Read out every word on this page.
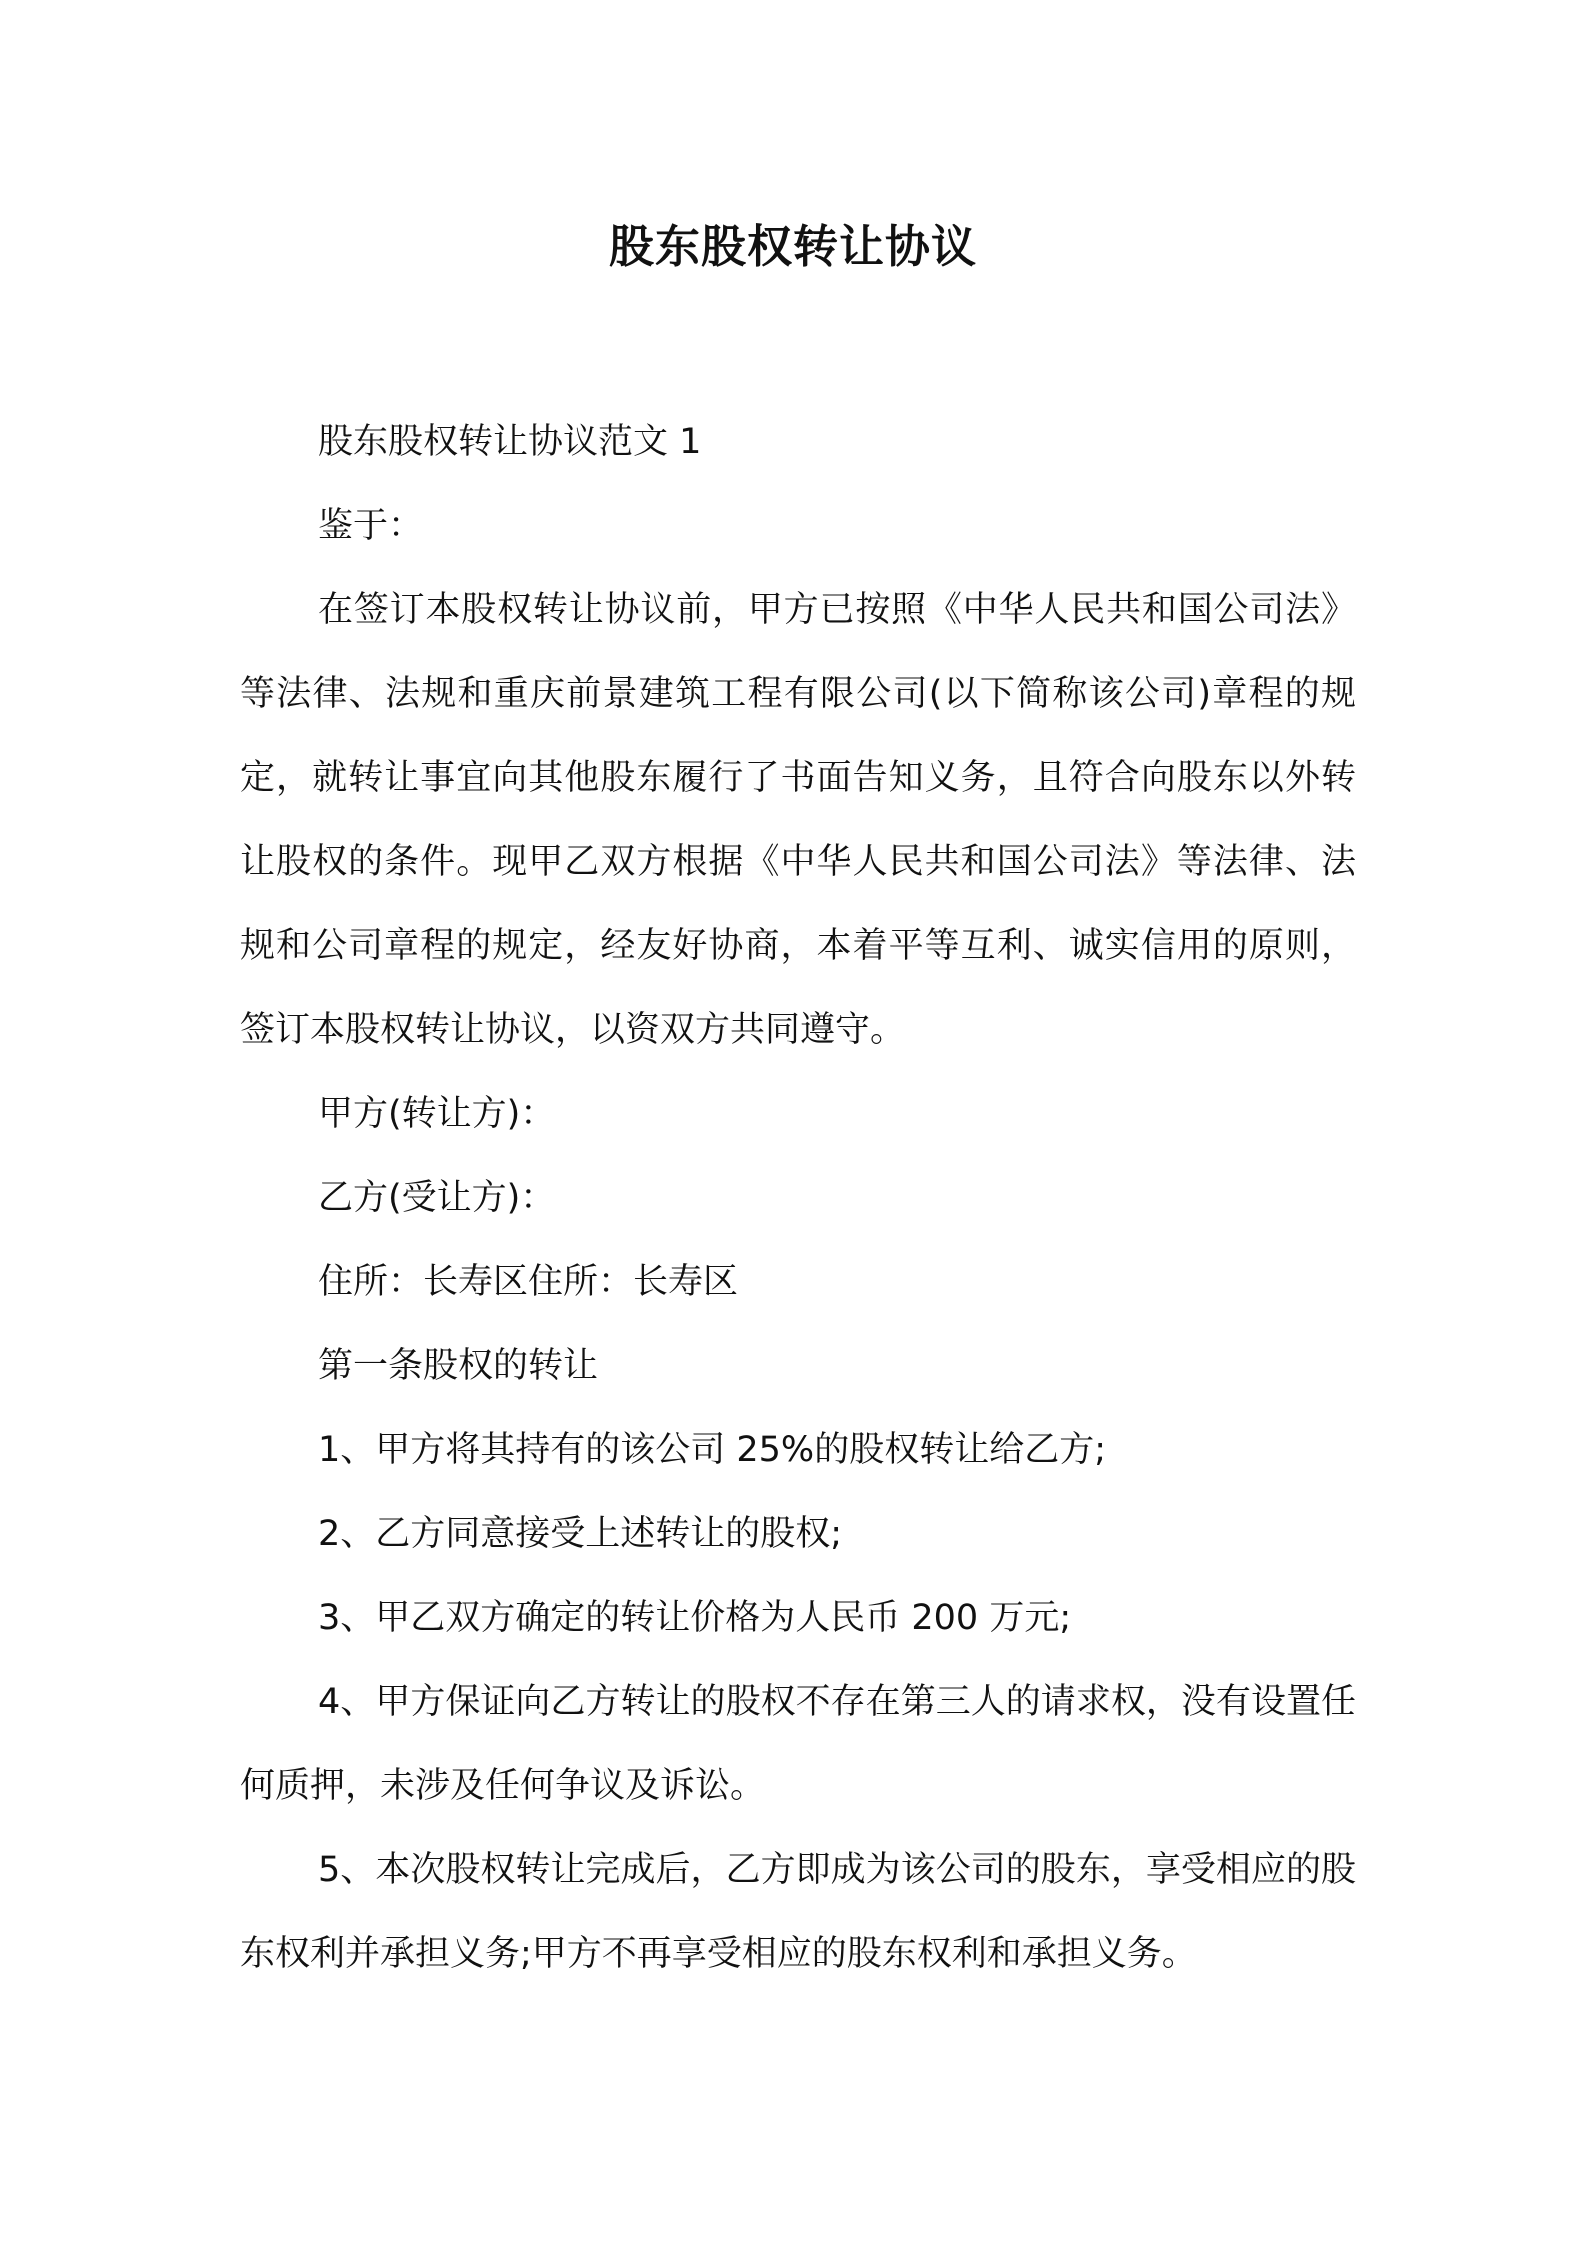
股东股权转让协议

股东股权转让协议范文 1

鉴于：

在签订本股权转让协议前，甲方已按照《中华人民共和国公司法》等法律、法规和重庆前景建筑工程有限公司(以下简称该公司)章程的规定，就转让事宜向其他股东履行了书面告知义务，且符合向股东以外转让股权的条件。现甲乙双方根据《中华人民共和国公司法》等法律、法规和公司章程的规定，经友好协商，本着平等互利、诚实信用的原则，签订本股权转让协议，以资双方共同遵守。

甲方(转让方)：

乙方(受让方)：

住所：长寿区住所：长寿区

第一条股权的转让

1、甲方将其持有的该公司 25%的股权转让给乙方;

2、乙方同意接受上述转让的股权;

3、甲乙双方确定的转让价格为人民币 200 万元;

4、甲方保证向乙方转让的股权不存在第三人的请求权，没有设置任何质押，未涉及任何争议及诉讼。

5、本次股权转让完成后，乙方即成为该公司的股东，享受相应的股东权利并承担义务;甲方不再享受相应的股东权利和承担义务。
